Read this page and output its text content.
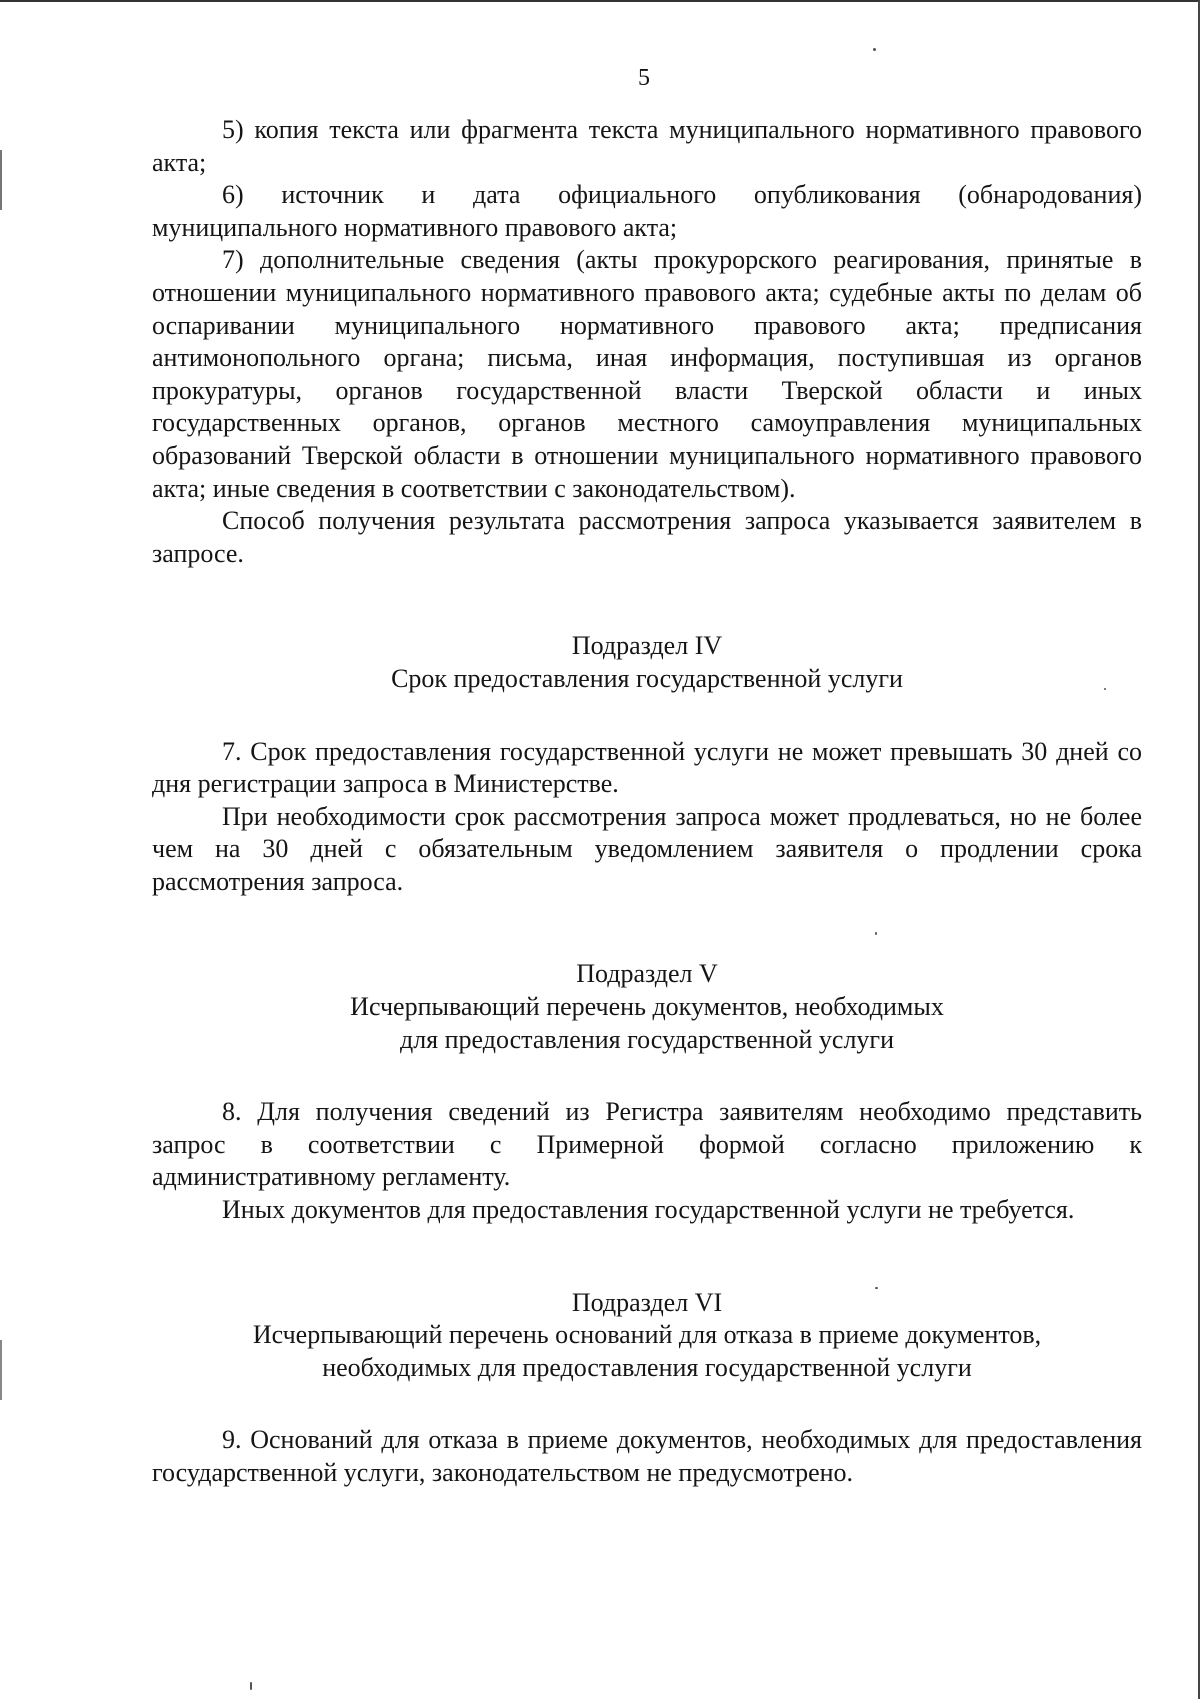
5

5) копия текста или фрагмента текста муниципального нормативного правового акта;

6) источник и дата официального опубликования (обнародования) муниципального нормативного правового акта;

7) дополнительные сведения (акты прокурорского реагирования, принятые в отношении муниципального нормативного правового акта; судебные акты по делам об оспаривании муниципального нормативного правового акта; предписания антимонопольного органа; письма, иная информация, поступившая из органов прокуратуры, органов государственной власти Тверской области и иных государственных органов, органов местного самоуправления муниципальных образований Тверской области в отношении муниципального нормативного правового акта; иные сведения в соответствии с законодательством).

Способ получения результата рассмотрения запроса указывается заявителем в запросе.

Подраздел IV

Срок предоставления государственной услуги

7. Срок предоставления государственной услуги не может превышать 30 дней со дня регистрации запроса в Министерстве.

При необходимости срок рассмотрения запроса может продлеваться, но не более чем на 30 дней с обязательным уведомлением заявителя о продлении срока рассмотрения запроса.

Подраздел V

Исчерпывающий перечень документов, необходимых

для предоставления государственной услуги

8. Для получения сведений из Регистра заявителям необходимо представить запрос в соответствии с Примерной формой согласно приложению к административному регламенту.

Иных документов для предоставления государственной услуги не требуется.

Подраздел VI

Исчерпывающий перечень оснований для отказа в приеме документов,

необходимых для предоставления государственной услуги

9. Оснований для отказа в приеме документов, необходимых для предоставления государственной услуги, законодательством не предусмотрено.
